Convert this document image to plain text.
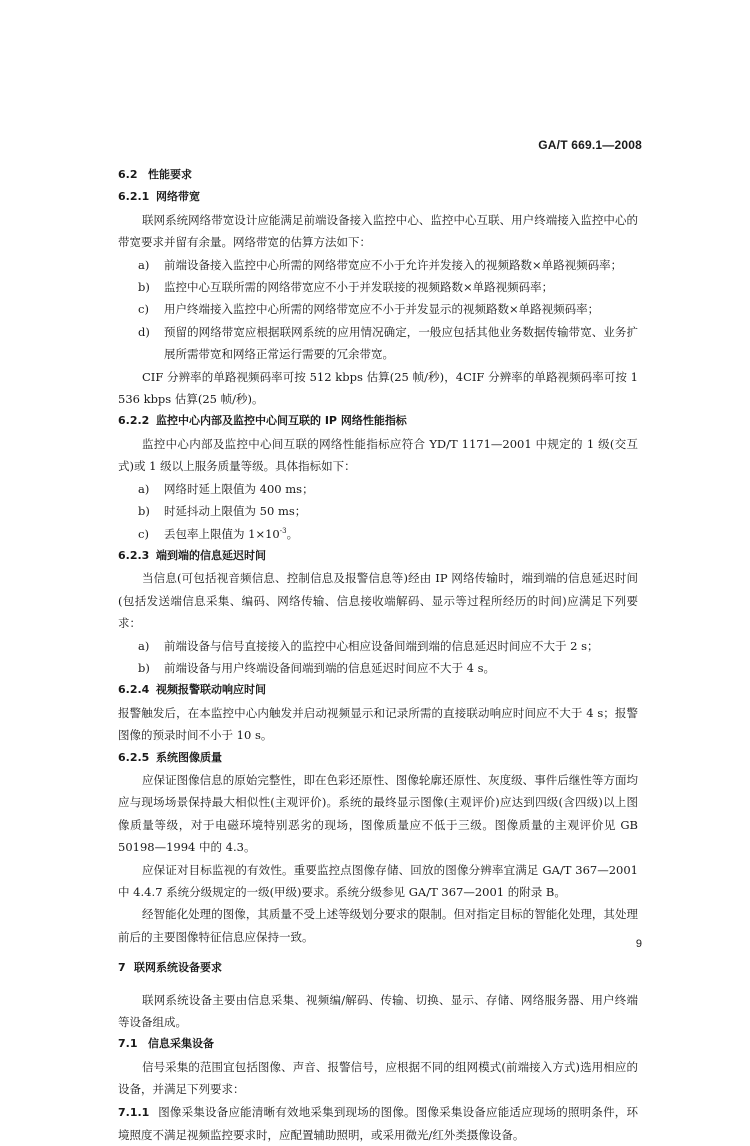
GA/T 669.1—2008
6.2 性能要求
6.2.1 网络带宽
联网系统网络带宽设计应能满足前端设备接入监控中心、监控中心互联、用户终端接入监控中心的带宽要求并留有余量。网络带宽的估算方法如下：
a)	前端设备接入监控中心所需的网络带宽应不小于允许并发接入的视频路数×单路视频码率；
b)	监控中心互联所需的网络带宽应不小于并发联接的视频路数×单路视频码率；
c)	用户终端接入监控中心所需的网络带宽应不小于并发显示的视频路数×单路视频码率；
d)	预留的网络带宽应根据联网系统的应用情况确定，一般应包括其他业务数据传输带宽、业务扩展所需带宽和网络正常运行需要的冗余带宽。
CIF 分辨率的单路视频码率可按 512 kbps 估算(25 帧/秒)，4CIF 分辨率的单路视频码率可按 1 536 kbps 估算(25 帧/秒)。
6.2.2 监控中心内部及监控中心间互联的 IP 网络性能指标
监控中心内部及监控中心间互联的网络性能指标应符合 YD/T 1171—2001 中规定的 1 级(交互式)或 1 级以上服务质量等级。具体指标如下：
a)	网络时延上限值为 400 ms；
b)	时延抖动上限值为 50 ms；
c)	丢包率上限值为 $1\times 10^{-3}$。
6.2.3 端到端的信息延迟时间
当信息(可包括视音频信息、控制信息及报警信息等)经由 IP 网络传输时，端到端的信息延迟时间(包括发送端信息采集、编码、网络传输、信息接收端解码、显示等过程所经历的时间)应满足下列要求：
a)	前端设备与信号直接接入的监控中心相应设备间端到端的信息延迟时间应不大于 2 s；
b)	前端设备与用户终端设备间端到端的信息延迟时间应不大于 4 s。
6.2.4 视频报警联动响应时间
报警触发后，在本监控中心内触发并启动视频显示和记录所需的直接联动响应时间应不大于 4 s；报警图像的预录时间不小于 10 s。
6.2.5 系统图像质量
应保证图像信息的原始完整性，即在色彩还原性、图像轮廓还原性、灰度级、事件后继性等方面均应与现场场景保持最大相似性(主观评价)。系统的最终显示图像(主观评价)应达到四级(含四级)以上图像质量等级，对于电磁环境特别恶劣的现场，图像质量应不低于三级。图像质量的主观评价见 GB 50198—1994 中的 4.3。
应保证对目标监视的有效性。重要监控点图像存储、回放的图像分辨率宜满足 GA/T 367—2001 中 4.4.7 系统分级规定的一级(甲级)要求。系统分级参见 GA/T 367—2001 的附录 B。
经智能化处理的图像，其质量不受上述等级划分要求的限制。但对指定目标的智能化处理，其处理前后的主要图像特征信息应保持一致。
7 联网系统设备要求
联网系统设备主要由信息采集、视频编/解码、传输、切换、显示、存储、网络服务器、用户终端等设备组成。
7.1 信息采集设备
信号采集的范围宜包括图像、声音、报警信号，应根据不同的组网模式(前端接入方式)选用相应的设备，并满足下列要求：
7.1.1 图像采集设备应能清晰有效地采集到现场的图像。图像采集设备应能适应现场的照明条件，环境照度不满足视频监控要求时，应配置辅助照明，或采用微光/红外类摄像设备。
9
